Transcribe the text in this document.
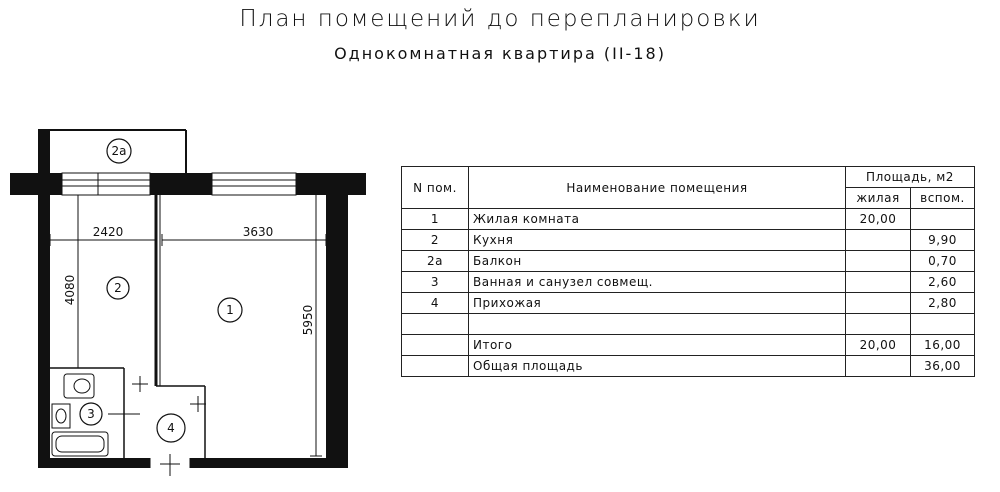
План помещений до перепланировки
Однокомнатная квартира (II-18)
2а
2420	3630
4080
5950
2
1
3
4
N пом.	Наименование помещения	Площадь, м2	
		жилая	вспом.
1	Жилая комната	20,00	
2	Кухня		9,90
2а	Балкон		0,70
3	Ванная и санузел совмещ.		2,60
4	Прихожая		2,80

	Итого	20,00	16,00
	Общая площадь		36,00
